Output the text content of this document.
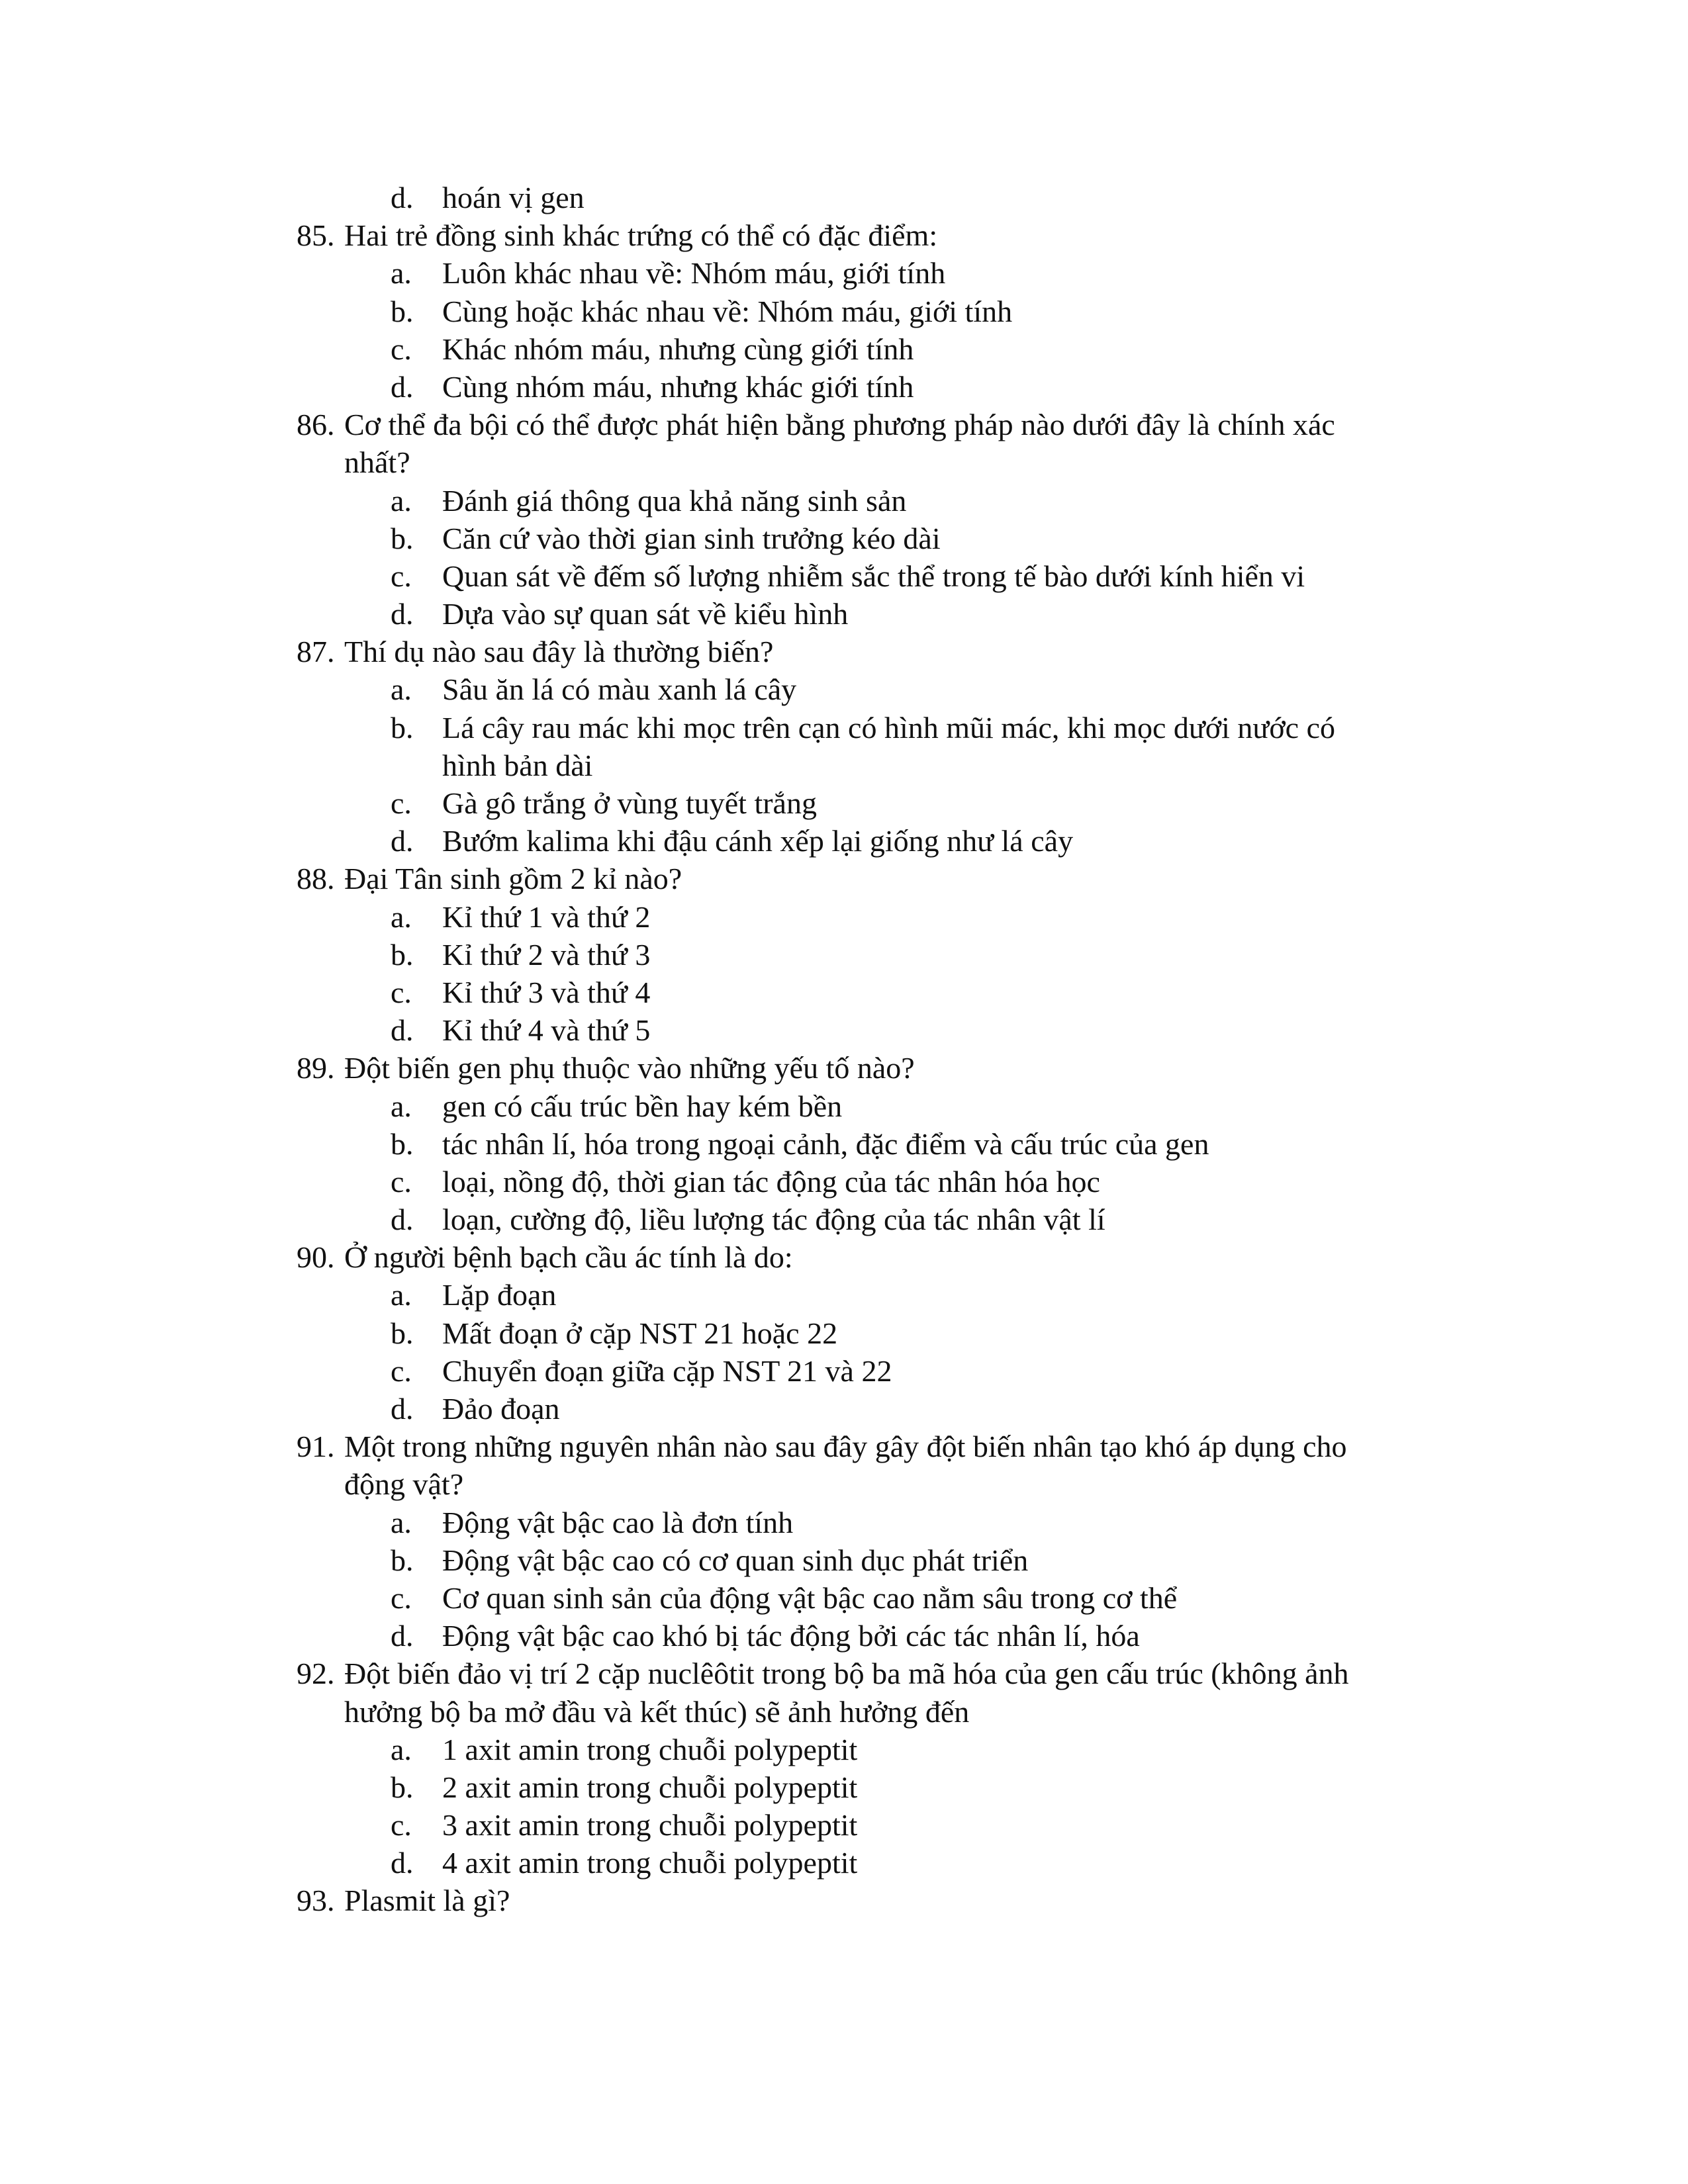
d. hoán vị gen
85. Hai trẻ đồng sinh khác trứng có thể có đặc điểm:
a. Luôn khác nhau về: Nhóm máu, giới tính
b. Cùng hoặc khác nhau về: Nhóm máu, giới tính
c. Khác nhóm máu, nhưng cùng giới tính
d. Cùng nhóm máu, nhưng khác giới tính
86. Cơ thể đa bội có thể được phát hiện bằng phương pháp nào dưới đây là chính xác
nhất?
a. Đánh giá thông qua khả năng sinh sản
b. Căn cứ vào thời gian sinh trưởng kéo dài
c. Quan sát về đếm số lượng nhiễm sắc thể trong tế bào dưới kính hiển vi
d. Dựa vào sự quan sát về kiểu hình
87. Thí dụ nào sau đây là thường biến?
a. Sâu ăn lá có màu xanh lá cây
b. Lá cây rau mác khi mọc trên cạn có hình mũi mác, khi mọc dưới nước có
hình bản dài
c. Gà gô trắng ở vùng tuyết trắng
d. Bướm kalima khi đậu cánh xếp lại giống như lá cây
88. Đại Tân sinh gồm 2 kỉ nào?
a. Kỉ thứ 1 và thứ 2
b. Kỉ thứ 2 và thứ 3
c. Kỉ thứ 3 và thứ 4
d. Kỉ thứ 4 và thứ 5
89. Đột biến gen phụ thuộc vào những yếu tố nào?
a. gen có cấu trúc bền hay kém bền
b. tác nhân lí, hóa trong ngoại cảnh, đặc điểm và cấu trúc của gen
c. loại, nồng độ, thời gian tác động của tác nhân hóa học
d. loạn, cường độ, liều lượng tác động của tác nhân vật lí
90. Ở người bệnh bạch cầu ác tính là do:
a. Lặp đoạn
b. Mất đoạn ở cặp NST 21 hoặc 22
c. Chuyển đoạn giữa cặp NST 21 và 22
d. Đảo đoạn
91. Một trong những nguyên nhân nào sau đây gây đột biến nhân tạo khó áp dụng cho
động vật?
a. Động vật bậc cao là đơn tính
b. Động vật bậc cao có cơ quan sinh dục phát triển
c. Cơ quan sinh sản của động vật bậc cao nằm sâu trong cơ thể
d. Động vật bậc cao khó bị tác động bởi các tác nhân lí, hóa
92. Đột biến đảo vị trí 2 cặp nuclêôtit trong bộ ba mã hóa của gen cấu trúc (không ảnh
hưởng bộ ba mở đầu và kết thúc) sẽ ảnh hưởng đến
a. 1 axit amin trong chuỗi polypeptit
b. 2 axit amin trong chuỗi polypeptit
c. 3 axit amin trong chuỗi polypeptit
d. 4 axit amin trong chuỗi polypeptit
93. Plasmit là gì?
